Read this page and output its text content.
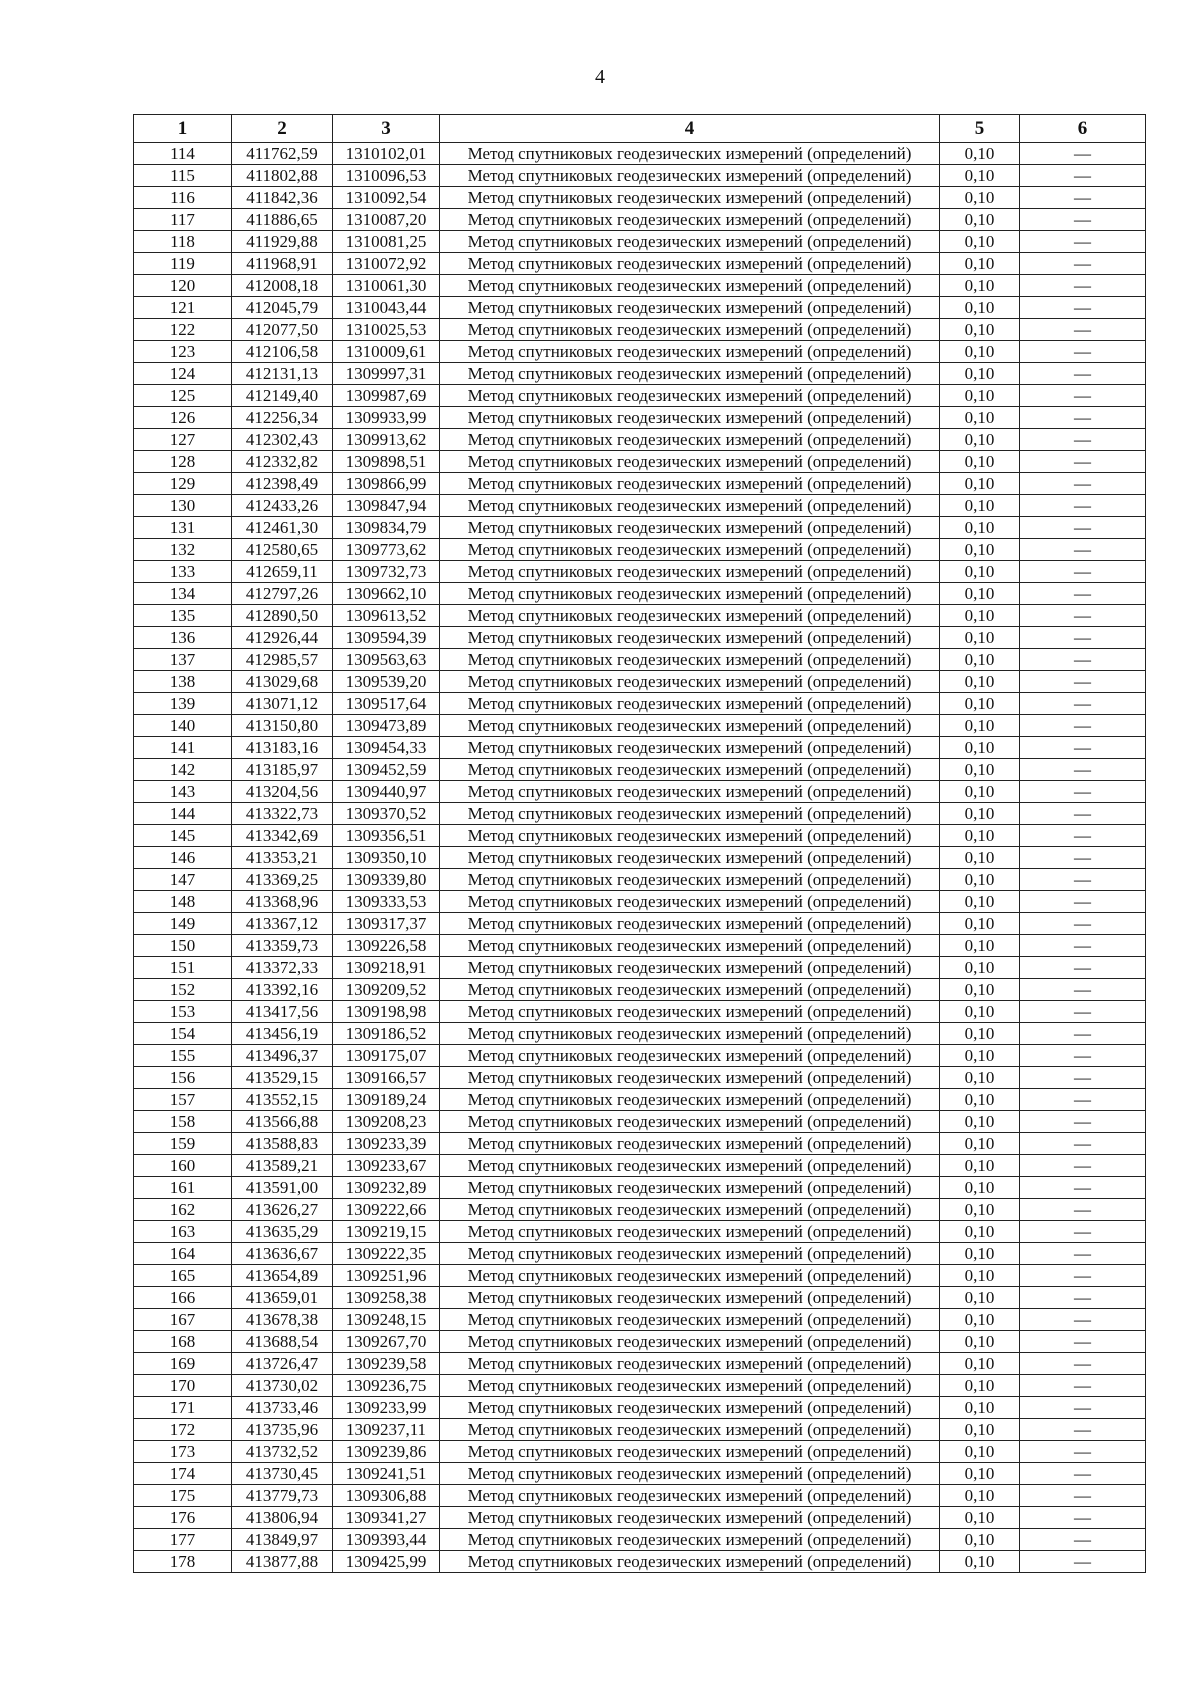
4
1	2	3	4	5	6
114	411762,59	1310102,01	Метод спутниковых геодезических измерений (определений)	0,10	—
115	411802,88	1310096,53	Метод спутниковых геодезических измерений (определений)	0,10	—
116	411842,36	1310092,54	Метод спутниковых геодезических измерений (определений)	0,10	—
117	411886,65	1310087,20	Метод спутниковых геодезических измерений (определений)	0,10	—
118	411929,88	1310081,25	Метод спутниковых геодезических измерений (определений)	0,10	—
119	411968,91	1310072,92	Метод спутниковых геодезических измерений (определений)	0,10	—
120	412008,18	1310061,30	Метод спутниковых геодезических измерений (определений)	0,10	—
121	412045,79	1310043,44	Метод спутниковых геодезических измерений (определений)	0,10	—
122	412077,50	1310025,53	Метод спутниковых геодезических измерений (определений)	0,10	—
123	412106,58	1310009,61	Метод спутниковых геодезических измерений (определений)	0,10	—
124	412131,13	1309997,31	Метод спутниковых геодезических измерений (определений)	0,10	—
125	412149,40	1309987,69	Метод спутниковых геодезических измерений (определений)	0,10	—
126	412256,34	1309933,99	Метод спутниковых геодезических измерений (определений)	0,10	—
127	412302,43	1309913,62	Метод спутниковых геодезических измерений (определений)	0,10	—
128	412332,82	1309898,51	Метод спутниковых геодезических измерений (определений)	0,10	—
129	412398,49	1309866,99	Метод спутниковых геодезических измерений (определений)	0,10	—
130	412433,26	1309847,94	Метод спутниковых геодезических измерений (определений)	0,10	—
131	412461,30	1309834,79	Метод спутниковых геодезических измерений (определений)	0,10	—
132	412580,65	1309773,62	Метод спутниковых геодезических измерений (определений)	0,10	—
133	412659,11	1309732,73	Метод спутниковых геодезических измерений (определений)	0,10	—
134	412797,26	1309662,10	Метод спутниковых геодезических измерений (определений)	0,10	—
135	412890,50	1309613,52	Метод спутниковых геодезических измерений (определений)	0,10	—
136	412926,44	1309594,39	Метод спутниковых геодезических измерений (определений)	0,10	—
137	412985,57	1309563,63	Метод спутниковых геодезических измерений (определений)	0,10	—
138	413029,68	1309539,20	Метод спутниковых геодезических измерений (определений)	0,10	—
139	413071,12	1309517,64	Метод спутниковых геодезических измерений (определений)	0,10	—
140	413150,80	1309473,89	Метод спутниковых геодезических измерений (определений)	0,10	—
141	413183,16	1309454,33	Метод спутниковых геодезических измерений (определений)	0,10	—
142	413185,97	1309452,59	Метод спутниковых геодезических измерений (определений)	0,10	—
143	413204,56	1309440,97	Метод спутниковых геодезических измерений (определений)	0,10	—
144	413322,73	1309370,52	Метод спутниковых геодезических измерений (определений)	0,10	—
145	413342,69	1309356,51	Метод спутниковых геодезических измерений (определений)	0,10	—
146	413353,21	1309350,10	Метод спутниковых геодезических измерений (определений)	0,10	—
147	413369,25	1309339,80	Метод спутниковых геодезических измерений (определений)	0,10	—
148	413368,96	1309333,53	Метод спутниковых геодезических измерений (определений)	0,10	—
149	413367,12	1309317,37	Метод спутниковых геодезических измерений (определений)	0,10	—
150	413359,73	1309226,58	Метод спутниковых геодезических измерений (определений)	0,10	—
151	413372,33	1309218,91	Метод спутниковых геодезических измерений (определений)	0,10	—
152	413392,16	1309209,52	Метод спутниковых геодезических измерений (определений)	0,10	—
153	413417,56	1309198,98	Метод спутниковых геодезических измерений (определений)	0,10	—
154	413456,19	1309186,52	Метод спутниковых геодезических измерений (определений)	0,10	—
155	413496,37	1309175,07	Метод спутниковых геодезических измерений (определений)	0,10	—
156	413529,15	1309166,57	Метод спутниковых геодезических измерений (определений)	0,10	—
157	413552,15	1309189,24	Метод спутниковых геодезических измерений (определений)	0,10	—
158	413566,88	1309208,23	Метод спутниковых геодезических измерений (определений)	0,10	—
159	413588,83	1309233,39	Метод спутниковых геодезических измерений (определений)	0,10	—
160	413589,21	1309233,67	Метод спутниковых геодезических измерений (определений)	0,10	—
161	413591,00	1309232,89	Метод спутниковых геодезических измерений (определений)	0,10	—
162	413626,27	1309222,66	Метод спутниковых геодезических измерений (определений)	0,10	—
163	413635,29	1309219,15	Метод спутниковых геодезических измерений (определений)	0,10	—
164	413636,67	1309222,35	Метод спутниковых геодезических измерений (определений)	0,10	—
165	413654,89	1309251,96	Метод спутниковых геодезических измерений (определений)	0,10	—
166	413659,01	1309258,38	Метод спутниковых геодезических измерений (определений)	0,10	—
167	413678,38	1309248,15	Метод спутниковых геодезических измерений (определений)	0,10	—
168	413688,54	1309267,70	Метод спутниковых геодезических измерений (определений)	0,10	—
169	413726,47	1309239,58	Метод спутниковых геодезических измерений (определений)	0,10	—
170	413730,02	1309236,75	Метод спутниковых геодезических измерений (определений)	0,10	—
171	413733,46	1309233,99	Метод спутниковых геодезических измерений (определений)	0,10	—
172	413735,96	1309237,11	Метод спутниковых геодезических измерений (определений)	0,10	—
173	413732,52	1309239,86	Метод спутниковых геодезических измерений (определений)	0,10	—
174	413730,45	1309241,51	Метод спутниковых геодезических измерений (определений)	0,10	—
175	413779,73	1309306,88	Метод спутниковых геодезических измерений (определений)	0,10	—
176	413806,94	1309341,27	Метод спутниковых геодезических измерений (определений)	0,10	—
177	413849,97	1309393,44	Метод спутниковых геодезических измерений (определений)	0,10	—
178	413877,88	1309425,99	Метод спутниковых геодезических измерений (определений)	0,10	—
